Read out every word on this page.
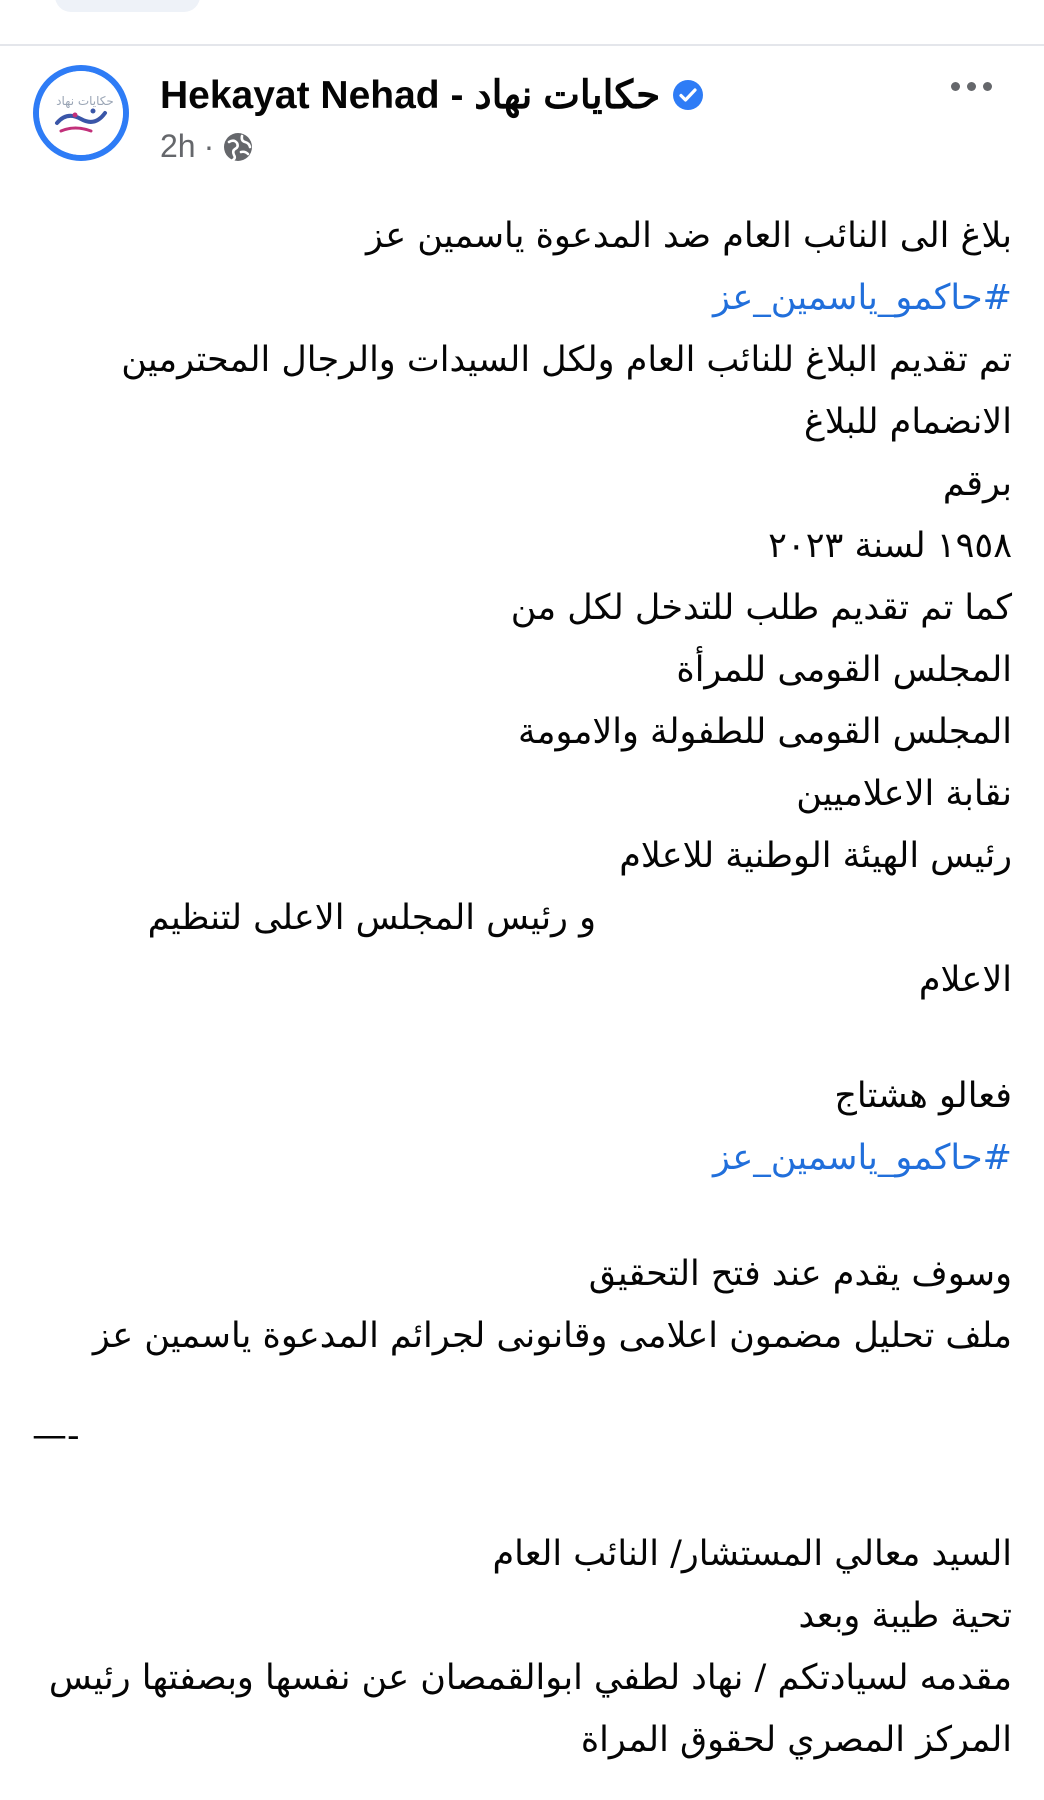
حكايات نهاد Hekayat Nehad - حكايات نهاد
2h ·
بلاغ الى النائب العام ضد المدعوة ياسمين عز
#حاكمو_ياسمين_عز
تم تقديم البلاغ للنائب العام ولكل السيدات والرجال المحترمين
الانضمام للبلاغ
برقم
١٩٥٨ لسنة ٢٠٢٣
كما تم تقديم طلب للتدخل لكل من
المجلس القومى للمرأة
المجلس القومى للطفولة والامومة
نقابة الاعلاميين
رئيس الهيئة الوطنية للاعلام
و رئيس المجلس الاعلى لتنظيم
الاعلام
فعالو هشتاج
#حاكمو_ياسمين_عز
وسوف يقدم عند فتح التحقيق
ملف تحليل مضمون اعلامى وقانونى لجرائم المدعوة ياسمين عز
—-
السيد معالي المستشار/ النائب العام
تحية طيبة وبعد
مقدمه لسيادتكم / نهاد لطفي ابوالقمصان عن نفسها وبصفتها رئيس
المركز المصري لحقوق المراة
